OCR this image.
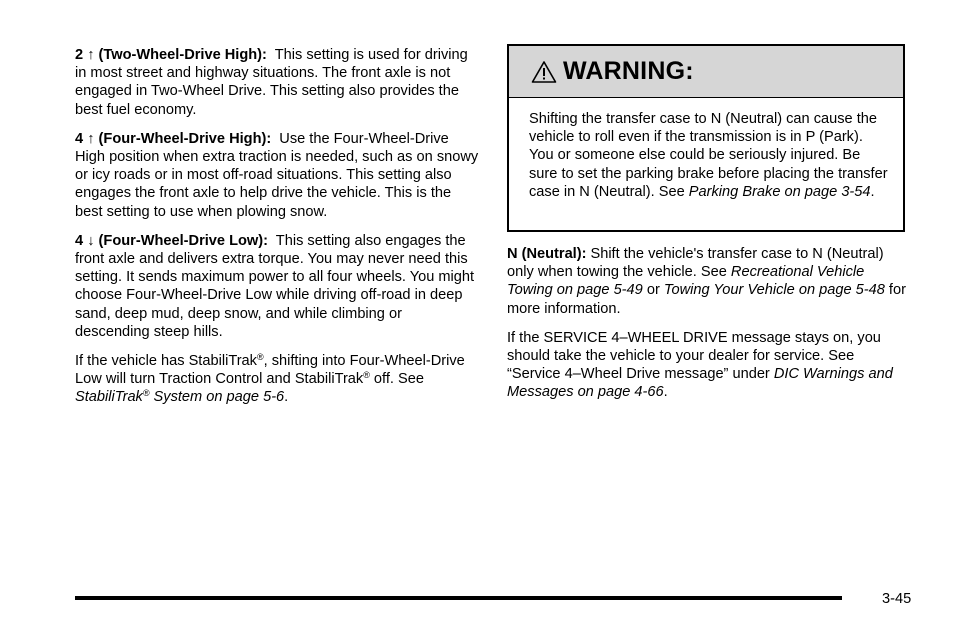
2 ↑ (Two-Wheel-Drive High): This setting is used for driving in most street and highway situations. The front axle is not engaged in Two-Wheel Drive. This setting also provides the best fuel economy.

4 ↑ (Four-Wheel-Drive High): Use the Four-Wheel-Drive High position when extra traction is needed, such as on snowy or icy roads or in most off-road situations. This setting also engages the front axle to help drive the vehicle. This is the best setting to use when plowing snow.

4 ↓ (Four-Wheel-Drive Low): This setting also engages the front axle and delivers extra torque. You may never need this setting. It sends maximum power to all four wheels. You might choose Four-Wheel-Drive Low while driving off-road in deep sand, deep mud, deep snow, and while climbing or descending steep hills.

If the vehicle has StabiliTrak®, shifting into Four-Wheel-Drive Low will turn Traction Control and StabiliTrak® off. See StabiliTrak® System on page 5-6.

WARNING:
Shifting the transfer case to N (Neutral) can cause the vehicle to roll even if the transmission is in P (Park). You or someone else could be seriously injured. Be sure to set the parking brake before placing the transfer case in N (Neutral). See Parking Brake on page 3-54.

N (Neutral): Shift the vehicle's transfer case to N (Neutral) only when towing the vehicle. See Recreational Vehicle Towing on page 5-49 or Towing Your Vehicle on page 5-48 for more information.

If the SERVICE 4–WHEEL DRIVE message stays on, you should take the vehicle to your dealer for service. See “Service 4–Wheel Drive message” under DIC Warnings and Messages on page 4-66.

3-45
